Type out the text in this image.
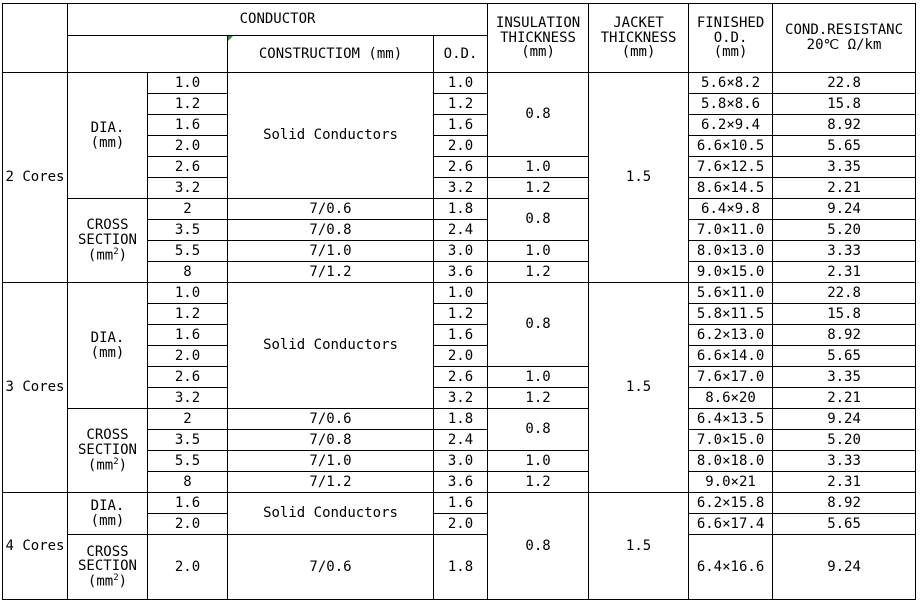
	CONDUCTOR				INSULATION
THICKNESS
(mm)	JACKET
THICKNESS
(mm)	FINISHED
O.D.
(mm)	COND.RESISTANC
20℃ Ω/km

			CONSTRUCTIOM (mm)	O.D.				
2 Cores	DIA.
(mm)	1.0	Solid Conductors	1.0	0.8	1.5	5.6×8.2	22.8
		1.2		1.2			5.8×8.6	15.8
		1.6		1.6			6.2×9.4	8.92
		2.0		2.0			6.6×10.5	5.65
		2.6		2.6	1.0		7.6×12.5	3.35
		3.2		3.2	1.2		8.6×14.5	2.21

	CROSS
SECTION
$(mm^2)$	2	7/0.6	1.8	0.8		6.4×9.8	9.24
		3.5	7/0.8	2.4			7.0×11.0	5.20
		5.5	7/1.0	3.0	1.0		8.0×13.0	3.33
		8	7/1.2	3.6	1.2		9.0×15.0	2.31
3 Cores	DIA.
(mm)	1.0	Solid Conductors	1.0	0.8	1.5	5.6×11.0	22.8
		1.2		1.2			5.8×11.5	15.8
		1.6		1.6			6.2×13.0	8.92
		2.0		2.0			6.6×14.0	5.65
		2.6		2.6	1.0		7.6×17.0	3.35
		3.2		3.2	1.2		8.6×20	2.21

	CROSS
SECTION
$(mm^2)$	2	7/0.6	1.8	0.8		6.4×13.5	9.24
		3.5	7/0.8	2.4			7.0×15.0	5.20
		5.5	7/1.0	3.0	1.0		8.0×18.0	3.33
		8	7/1.2	3.6	1.2		9.0×21	2.31
4 Cores	DIA.
(mm)	1.6	Solid Conductors	1.6	0.8	1.5	6.2×15.8	8.92
		2.0		2.0			6.6×17.4	5.65

	CROSS
SECTION
$(mm^2)$	2.0	7/0.6	1.8			6.4×16.6	9.24
